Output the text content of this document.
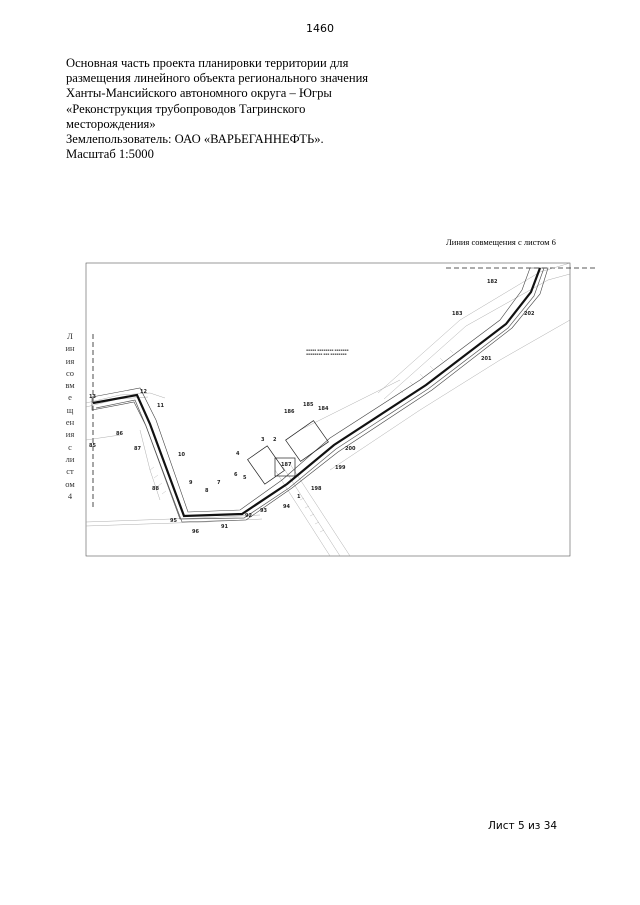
1460
Основная часть проекта планировки территории для
размещения линейного объекта регионального значения
Ханты-Мансийского автономного округа – Югры
«Реконструкция трубопроводов Тагринского
месторождения»
Землепользователь: ОАО «ВАРЬЕГАННЕФТЬ».
Масштаб 1:5000
Линия совмещения с листом 6
Л
ин
ия
со
вм
е
щ
ен
ия
с
ли
ст
ом
4
▪▪▪▪▪ ▪▪▪▪▪▪▪▪ ▪▪▪▪▪▪▪
▪▪▪▪▪▪▪▪ ▪▪▪ ▪▪▪▪▪▪▪▪
182
183	202
201
185
186	184
200
199
187
198
2
3
4
1
94
93
92
91
95
96
5
6
7
8
9
10
11
12
13
86
87
88
85
Лист 5 из 34
